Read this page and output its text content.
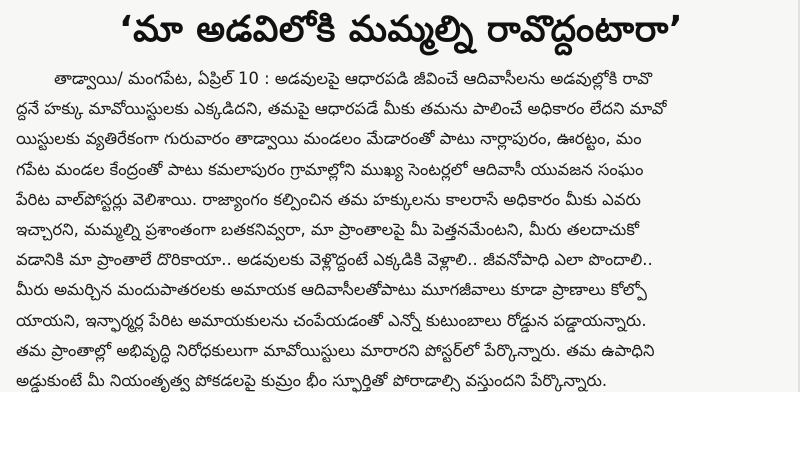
‘మా అడవిలోకి మమ్మల్ని రావొద్దంటారా’
తాడ్వాయి/ మంగపేట, ఏప్రిల్ 10 : అడవులపై ఆధారపడి జీవించే ఆదివాసీలను అడవుల్లోకి రావొ
ద్దనే హక్కు మావోయిస్టులకు ఎక్కడిదని, తమపై ఆధారపడే మీకు తమను పాలించే అధికారం లేదని మావో
యిస్టులకు వ్యతిరేకంగా గురువారం తాడ్వాయి మండలం మేడారంతో పాటు నార్లాపురం, ఊరట్టం, మం
గపేట మండల కేంద్రంతో పాటు కమలాపురం గ్రామాల్లోని ముఖ్య సెంటర్లలో ఆదివాసీ యువజన సంఘం
పేరిట వాల్‌పోస్టర్లు వెలిశాయి. రాజ్యాంగం కల్పించిన తమ హక్కులను కాలరాసే అధికారం మీకు ఎవరు
ఇచ్చారని, మమ్మల్ని ప్రశాంతంగా బతకనివ్వరా, మా ప్రాంతాలపై మీ పెత్తనమేంటని, మీరు తలదాచుకో
వడానికి మా ప్రాంతాలే దొరికాయా.. అడవులకు వెళ్లొద్దంటే ఎక్కడికి వెళ్లాలి.. జీవనోపాధి ఎలా పొందాలి..
మీరు అమర్చిన మందుపాతరలకు అమాయక ఆదివాసీలతోపాటు మూగజీవాలు కూడా ప్రాణాలు కోల్పో
యాయని, ఇన్ఫార్మర్ల పేరిట అమాయకులను చంపేయడంతో ఎన్నో కుటుంబాలు రోడ్డున పడ్డాయన్నారు.
తమ ప్రాంతాల్లో అభివృద్ధి నిరోధకులుగా మావోయిస్టులు మారారని పోస్టర్‌లో పేర్కొన్నారు. తమ ఉపాధిని
అడ్డుకుంటే మీ నియంతృత్వ పోకడలపై కుమ్రం భీం స్ఫూర్తితో పోరాడాల్సి వస్తుందని పేర్కొన్నారు.
